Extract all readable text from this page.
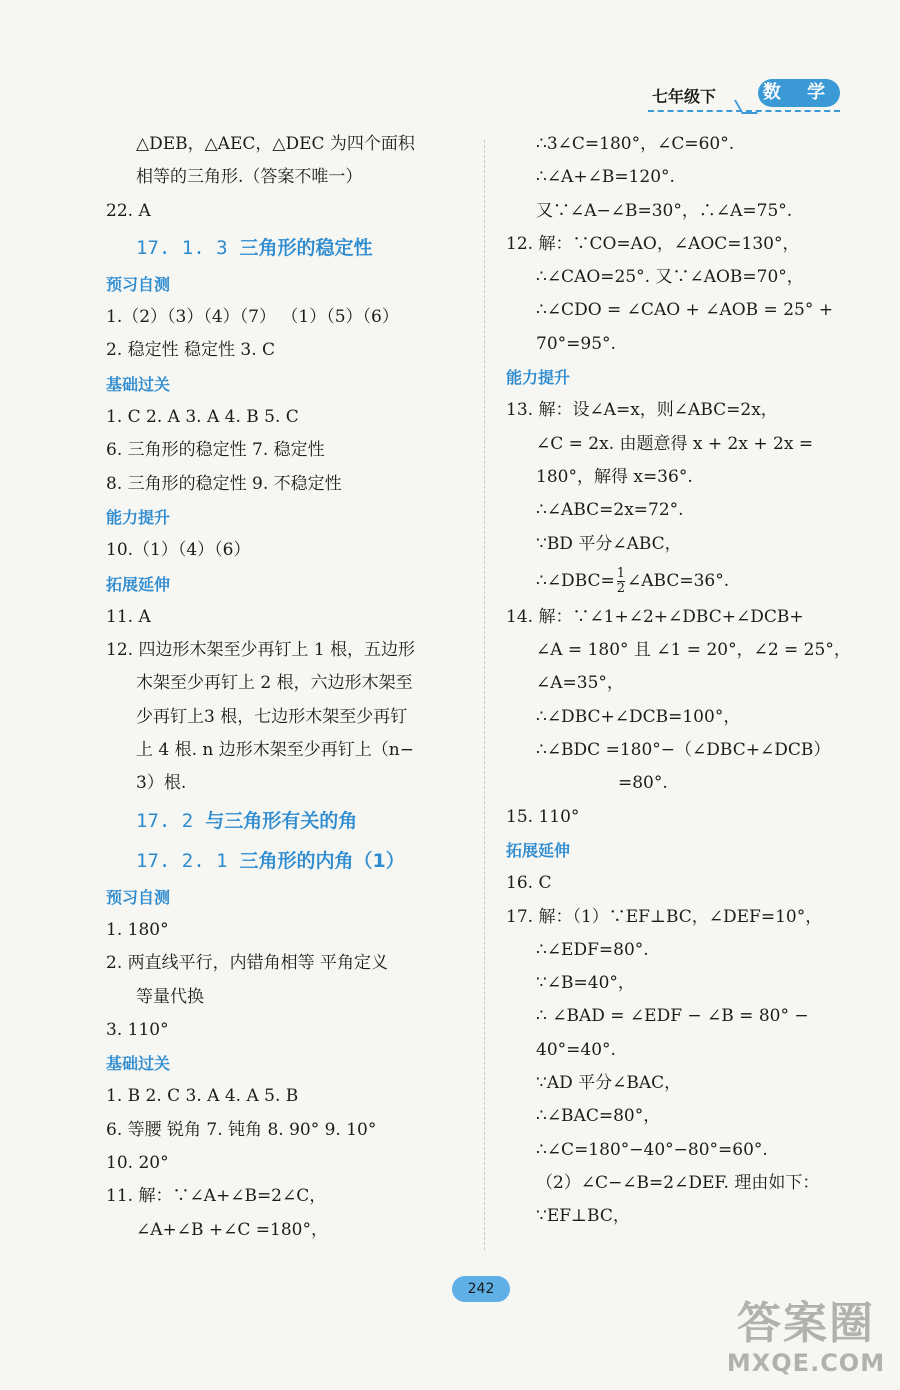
七年级下	数 学
△DEB，△AEC，△DEC 为四个面积
相等的三角形.（答案不唯一）
22. A
17. 1. 3 三角形的稳定性
预习自测
1.（2）（3）（4）（7） （1）（5）（6）
2. 稳定性 稳定性 3. C
基础过关
1. C 2. A 3. A 4. B 5. C
6. 三角形的稳定性 7. 稳定性
8. 三角形的稳定性 9. 不稳定性
能力提升
10.（1）（4）（6）
拓展延伸
11. A
12. 四边形木架至少再钉上 1 根，五边形
木架至少再钉上 2 根，六边形木架至
少再钉上3 根，七边形木架至少再钉
上 4 根. n 边形木架至少再钉上（n−
3）根.
17. 2 与三角形有关的角
17. 2. 1 三角形的内角（1）
预习自测
1. 180°
2. 两直线平行，内错角相等 平角定义
等量代换
3. 110°
基础过关
1. B 2. C 3. A 4. A 5. B
6. 等腰 锐角 7. 钝角 8. 90° 9. 10°
10. 20°
11. 解：∵∠A+∠B=2∠C，
∠A+∠B +∠C =180°，
∴3∠C=180°，∠C=60°.
∴∠A+∠B=120°.
又∵∠A−∠B=30°，∴∠A=75°.
12. 解：∵CO=AO，∠AOC=130°，
∴∠CAO=25°. 又∵∠AOB=70°，
∴∠CDO = ∠CAO + ∠AOB = 25° +
70°=95°.
能力提升
13. 解：设∠A=x，则∠ABC=2x，
∠C = 2x. 由题意得 x + 2x + 2x =
180°，解得 x=36°.
∴∠ABC=2x=72°.
∵BD 平分∠ABC，
∴∠DBC= $\frac{1}{2}$ ∠ABC=36°.
14. 解：∵∠1+∠2+∠DBC+∠DCB+
∠A = 180° 且 ∠1 = 20°，∠2 = 25°，
∠A=35°，
∴∠DBC+∠DCB=100°，
∴∠BDC =180°−（∠DBC+∠DCB）
=80°.
15. 110°
拓展延伸
16. C
17. 解：（1）∵EF⊥BC，∠DEF=10°，
∴∠EDF=80°.
∵∠B=40°，
∴ ∠BAD = ∠EDF − ∠B = 80° −
40°=40°.
∵AD 平分∠BAC，
∴∠BAC=80°，
∴∠C=180°−40°−80°=60°.
（2）∠C−∠B=2∠DEF. 理由如下：
∵EF⊥BC，
242
答案圈
MXQE.COM
